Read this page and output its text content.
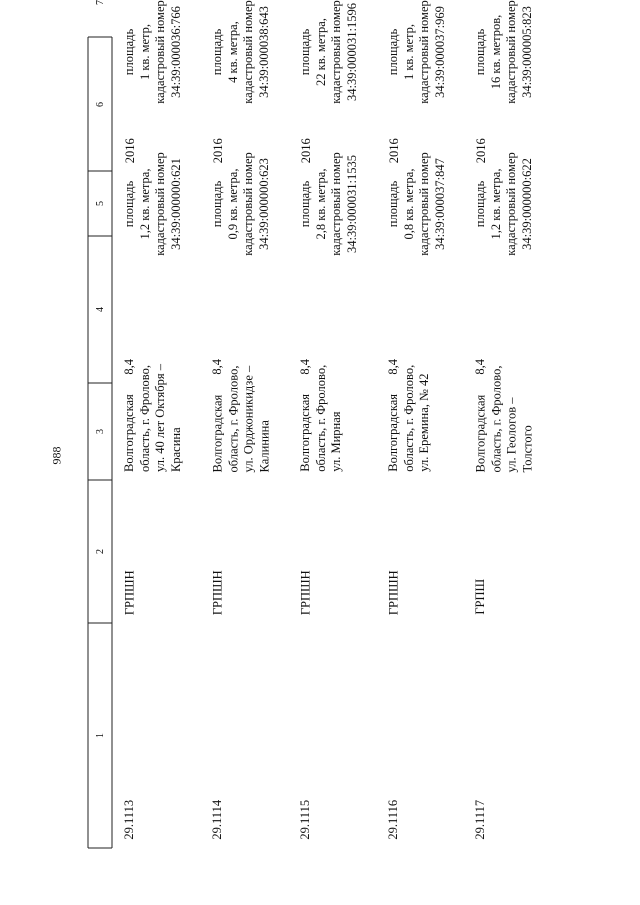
988
1
2
3
4
5
6
7
29.1113
ГРПШН
Волгоградская область, г. Фролово, ул. 40 лет Октября – Красина
8,4
площадь 1,2 кв. метра, кадастровый номер 34:39:000000:621
2016
площадь 1 кв. метр, кадастровый номер 34:39:000036:766
29.1114
ГРПШН
Волгоградская область, г. Фролово, ул. Орджоникидзе – Калинина
8,4
площадь 0,9 кв. метра, кадастровый номер 34:39:000000:623
2016
площадь 4 кв. метра, кадастровый номер 34:39:000038:643
29.1115
ГРПШН
Волгоградская область, г. Фролово, ул. Мирная
8,4
площадь 2,8 кв. метра, кадастровый номер 34:39:000031:1535
2016
площадь 22 кв. метра, кадастровый номер 34:39:000031:1596
29.1116
ГРПШН
Волгоградская область, г. Фролово, ул. Еремина, № 42
8,4
площадь 0,8 кв. метра, кадастровый номер 34:39:000037:847
2016
площадь 1 кв. метр, кадастровый номер 34:39:000037:969
29.1117
ГРПШ
Волгоградская область, г. Фролово, ул. Геологов – Толстого
8,4
площадь 1,2 кв. метра, кадастровый номер 34:39:000000:622
2016
площадь 16 кв. метров, кадастровый номер 34:39:000005:823
